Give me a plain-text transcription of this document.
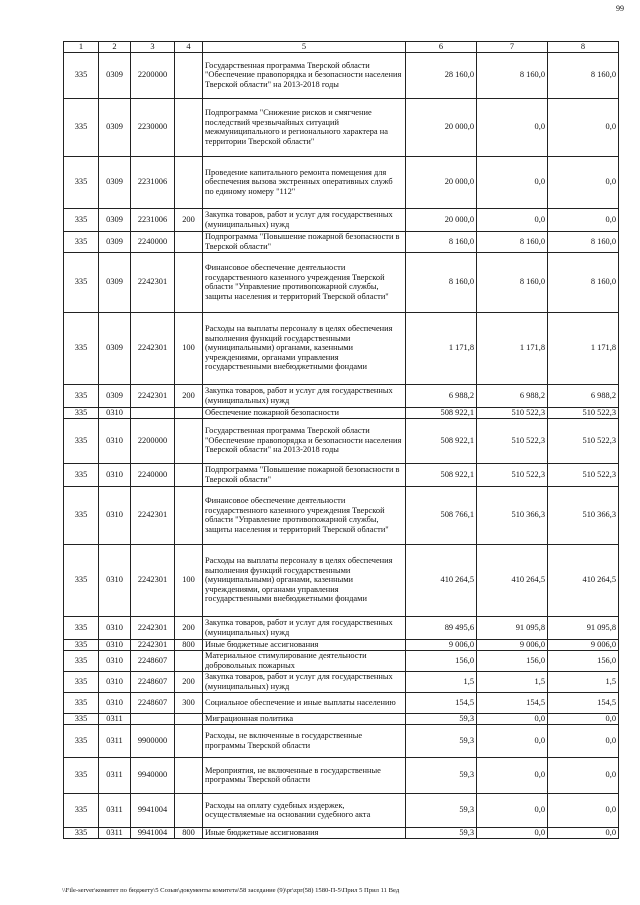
99
1	2	3	4	5	6	7	8
335	0309	2200000		Государственная программа Тверской области "Обеспечение правопорядка и безопасности населения Тверской области" на 2013-2018 годы	28 160,0	8 160,0	8 160,0
335	0309	2230000		Подпрограмма "Снижение рисков и смягчение последствий чрезвычайных ситуаций межмуниципального и регионального характера на территории Тверской области"	20 000,0	0,0	0,0
335	0309	2231006		Проведение капитального ремонта помещения для обеспечения вызова экстренных оперативных служб по единому номеру "112"	20 000,0	0,0	0,0
335	0309	2231006	200	Закупка товаров, работ и услуг для государственных (муниципальных) нужд	20 000,0	0,0	0,0
335	0309	2240000		Подпрограмма "Повышение пожарной безопасности в Тверской области"	8 160,0	8 160,0	8 160,0
335	0309	2242301		Финансовое обеспечение деятельности государственного казенного учреждения Тверской области "Управление противопожарной службы, защиты населения и территорий Тверской области"	8 160,0	8 160,0	8 160,0
335	0309	2242301	100	Расходы на выплаты персоналу в целях обеспечения выполнения функций государственными (муниципальными) органами, казенными учреждениями, органами управления государственными внебюджетными фондами	1 171,8	1 171,8	1 171,8
335	0309	2242301	200	Закупка товаров, работ и услуг для государственных (муниципальных) нужд	6 988,2	6 988,2	6 988,2
335	0310			Обеспечение пожарной безопасности	508 922,1	510 522,3	510 522,3
335	0310	2200000		Государственная программа Тверской области "Обеспечение правопорядка и безопасности населения Тверской области" на 2013-2018 годы	508 922,1	510 522,3	510 522,3
335	0310	2240000		Подпрограмма "Повышение пожарной безопасности в Тверской области"	508 922,1	510 522,3	510 522,3
335	0310	2242301		Финансовое обеспечение деятельности государственного казенного учреждения Тверской области "Управление противопожарной службы, защиты населения и территорий Тверской области"	508 766,1	510 366,3	510 366,3
335	0310	2242301	100	Расходы на выплаты персоналу в целях обеспечения выполнения функций государственными (муниципальными) органами, казенными учреждениями, органами управления государственными внебюджетными фондами	410 264,5	410 264,5	410 264,5
335	0310	2242301	200	Закупка товаров, работ и услуг для государственных (муниципальных) нужд	89 495,6	91 095,8	91 095,8
335	0310	2242301	800	Иные бюджетные ассигнования	9 006,0	9 006,0	9 006,0
335	0310	2248607		Материальное стимулирование деятельности добровольных пожарных	156,0	156,0	156,0
335	0310	2248607	200	Закупка товаров, работ и услуг для государственных (муниципальных) нужд	1,5	1,5	1,5
335	0310	2248607	300	Социальное обеспечение и иные выплаты населению	154,5	154,5	154,5
335	0311			Миграционная политика	59,3	0,0	0,0
335	0311	9900000		Расходы, не включенные в государственные программы Тверской области	59,3	0,0	0,0
335	0311	9940000		Мероприятия, не включенные в государственные программы Тверской области	59,3	0,0	0,0
335	0311	9941004		Расходы на оплату судебных издержек, осуществляемые на основании судебного акта	59,3	0,0	0,0
335	0311	9941004	800	Иные бюджетные ассигнования	59,3	0,0	0,0
\\File-server\комитет по бюджету\5 Созыв\документы комитета\58 заседание (9)\pr\zpr(58) 1580-П-5\Прил 5 Прил 11 Вед
